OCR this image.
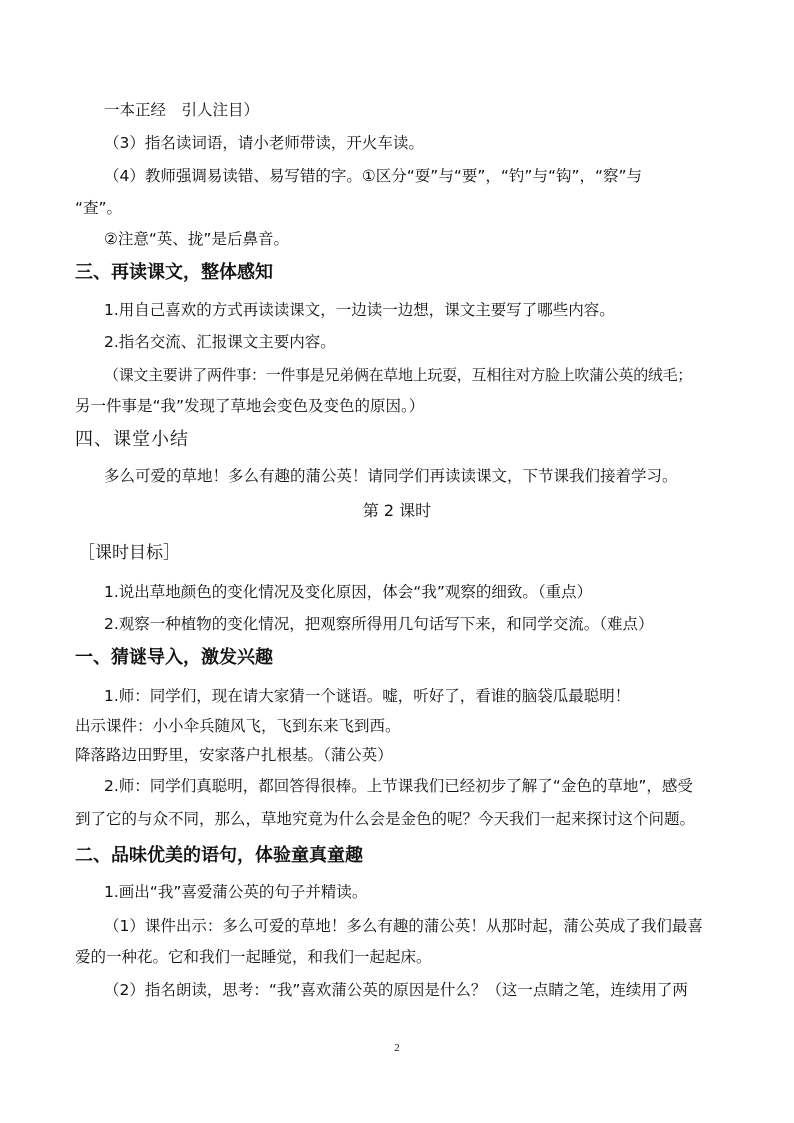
一本正经　引人注目）
（3）指名读词语，请小老师带读，开火车读。
（4）教师强调易读错、易写错的字。①区分“耍”与“要”，“钓”与“钩”，“察”与
“查”。
②注意“英、拢”是后鼻音。
三、再读课文，整体感知
1.用自己喜欢的方式再读读课文，一边读一边想，课文主要写了哪些内容。
2.指名交流、汇报课文主要内容。
（课文主要讲了两件事：一件事是兄弟俩在草地上玩耍，互相往对方脸上吹蒲公英的绒毛；
另一件事是“我”发现了草地会变色及变色的原因。）
四、课堂小结
多么可爱的草地！多么有趣的蒲公英！请同学们再读读课文，下节课我们接着学习。
第 2 课时
［课时目标］
1.说出草地颜色的变化情况及变化原因，体会“我”观察的细致。（重点）
2.观察一种植物的变化情况，把观察所得用几句话写下来，和同学交流。（难点）
一、猜谜导入，激发兴趣
1.师：同学们，现在请大家猜一个谜语。嘘，听好了，看谁的脑袋瓜最聪明！
出示课件：小小伞兵随风飞，飞到东来飞到西。
降落路边田野里，安家落户扎根基。（蒲公英）
2.师：同学们真聪明，都回答得很棒。上节课我们已经初步了解了“金色的草地”，感受
到了它的与众不同，那么，草地究竟为什么会是金色的呢？今天我们一起来探讨这个问题。
二、品味优美的语句，体验童真童趣
1.画出“我”喜爱蒲公英的句子并精读。
（1）课件出示：多么可爱的草地！多么有趣的蒲公英！从那时起，蒲公英成了我们最喜
爱的一种花。它和我们一起睡觉，和我们一起起床。
（2）指名朗读，思考：“我”喜欢蒲公英的原因是什么？（这一点睛之笔，连续用了两
2
